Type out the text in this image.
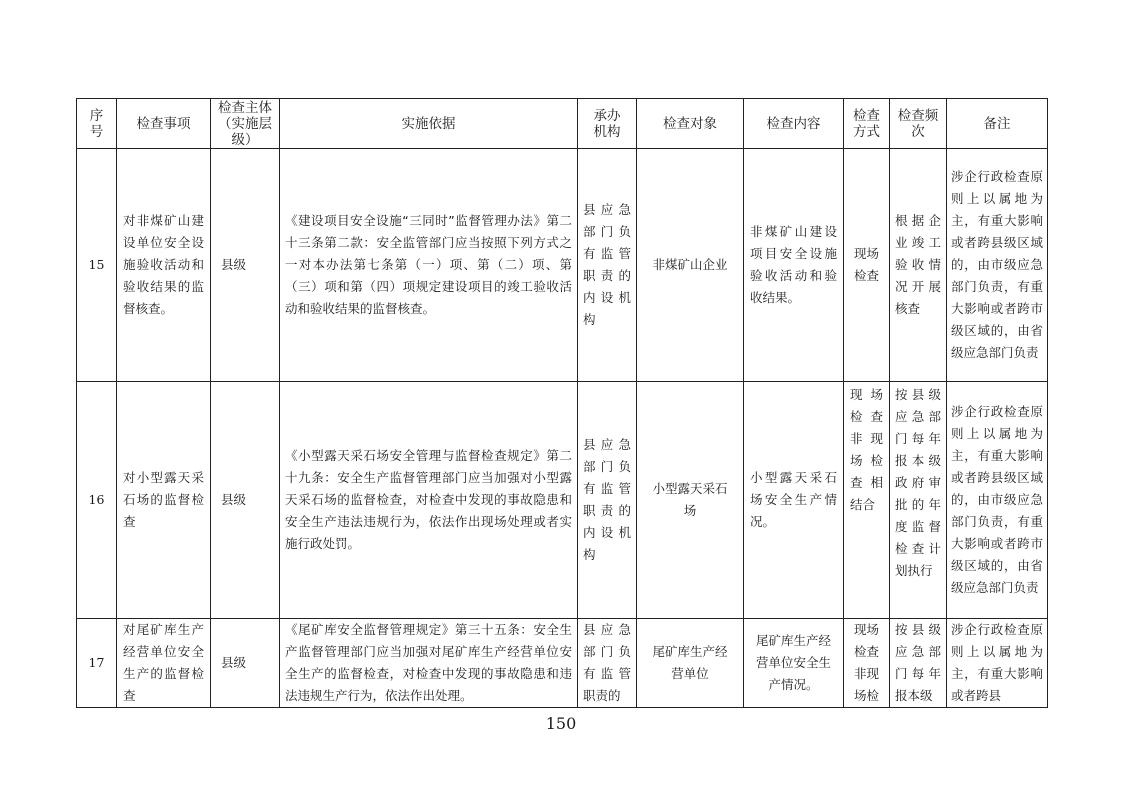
序号	检查事项	检查主体（实施层级）	实施依据	承办机构	检查对象	检查内容	检查方式	检查频次	备注
15	对非煤矿山建设单位安全设施验收活动和验收结果的监督核查。	县级	《建设项目安全设施“三同时”监督管理办法》第二十三条第二款：安全监管部门应当按照下列方式之一对本办法第七条第（一）项、第（二）项、第（三）项和第（四）项规定建设项目的竣工验收活动和验收结果的监督核查。	县应急部门负有监管职责的内设机构	非煤矿山企业	非煤矿山建设项目安全设施验收活动和验收结果。	现场检查	根据企业竣工验收情况开展核查	涉企行政检查原则上以属地为主，有重大影响或者跨县级区域的，由市级应急部门负责，有重大影响或者跨市级区域的，由省级应急部门负责
16	对小型露天采石场的监督检查	县级	《小型露天采石场安全管理与监督检查规定》第二十九条：安全生产监督管理部门应当加强对小型露天采石场的监督检查，对检查中发现的事故隐患和安全生产违法违规行为，依法作出现场处理或者实施行政处罚。	县应急部门负有监管职责的内设机构	小型露天采石场	小型露天采石场安全生产情况。	现场检查非现场检查相结合	按县级应急部门每年报本级政府审批的年度监督检查计划执行	涉企行政检查原则上以属地为主，有重大影响或者跨县级区域的，由市级应急部门负责，有重大影响或者跨市级区域的，由省级应急部门负责
17	对尾矿库生产经营单位安全生产的监督检查	县级	《尾矿库安全监督管理规定》第三十五条：安全生产监督管理部门应当加强对尾矿库生产经营单位安全生产的监督检查，对检查中发现的事故隐患和违法违规生产行为，依法作出处理。	县应急部门负有监管职责的	尾矿库生产经营单位	尾矿库生产经营单位安全生产情况。	现场检查非现场检	按县级应急部门每年报本级	涉企行政检查原则上以属地为主，有重大影响或者跨县
150
